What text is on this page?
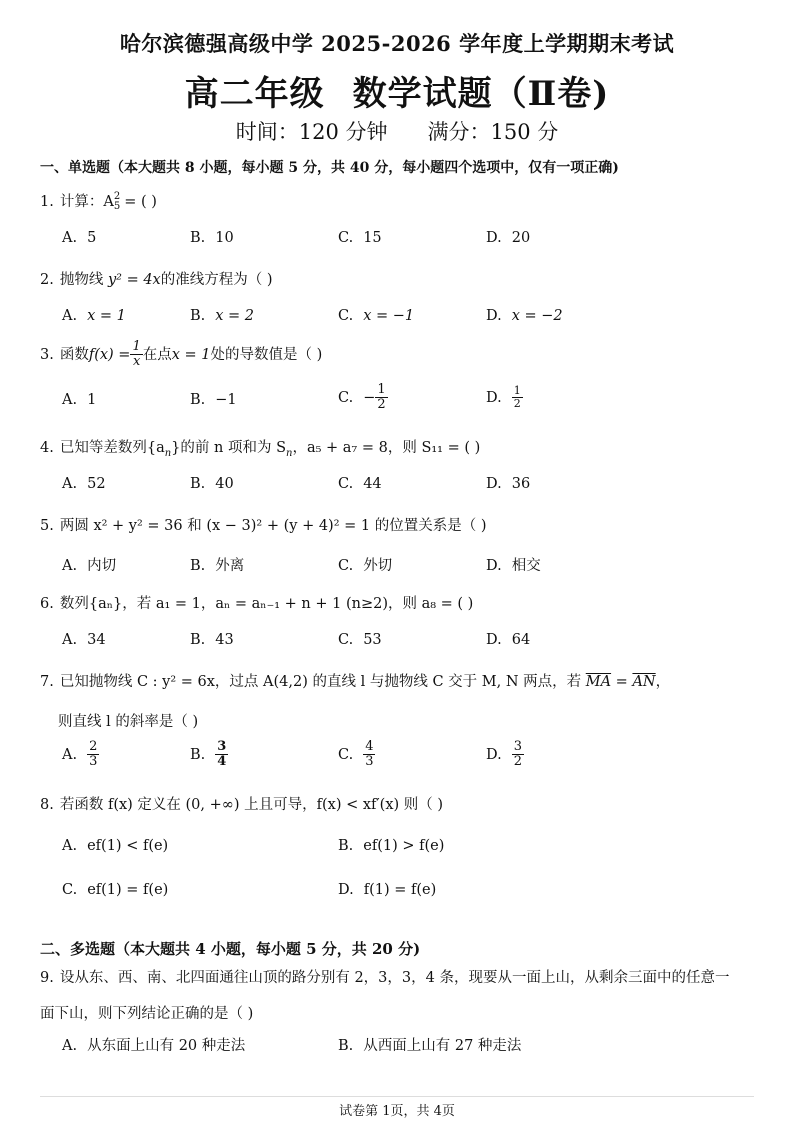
哈尔滨德强高级中学 2025-2026 学年度上学期期末考试
高二年级 数学试题（Ⅱ卷)
时间：120 分钟 满分：150 分
一、单选题（本大题共 8 小题，每小题 5 分，共 40 分，每小题四个选项中，仅有一项正确)
1. 计算：A 2
5 = ( )
A. 5	B. 10	C. 15	D. 20
2. 抛物线 y² = 4x的准线方程为（ )
A. x = 1	B. x = 2	C. x = −1	D. x = −2
3. 函数$f(x) = \frac{1}{x}$ 在点x = 1处的导数值是（ )
A. 1	B. −1	C. − $\frac{1}{2}$	D. $\frac{1}{2}$
4. 已知等差数列$\{a_n\}$的前 n 项和为 $S_n$，a₅ + a₇ = 8，则 S₁₁ = ( )
A. 52	B. 40	C. 44	D. 36
5. 两圆 x² + y² = 36 和 (x − 3)² + (y + 4)² = 1 的位置关系是（ )
A. 内切	B. 外离	C. 外切	D. 相交
6. 数列{aₙ}，若 a₁ = 1，aₙ = aₙ₋₁ + n + 1 (n≥2)，则 a₈ = ( )
A. 34	B. 43	C. 53	D. 64
7. 已知抛物线 C : y² = 6x，过点 A(4,2) 的直线 l 与抛物线 C 交于 M, N 两点，若 $\overline{MA} = \overline{AN}$，
则直线 l 的斜率是（ )
A. $\frac{2}{3}$	B. $\frac{3}{4}$	C. $\frac{4}{3}$	D. $\frac{3}{2}$
8. 若函数 f(x) 定义在 (0, +∞) 上且可导，f(x) < xf′(x) 则（ )
A. ef(1) < f(e)	B. ef(1) > f(e)
C. ef(1) = f(e)	D. f(1) = f(e)
二、多选题（本大题共 4 小题，每小题 5 分，共 20 分)
9. 设从东、西、南、北四面通往山顶的路分别有 2，3，3，4 条，现要从一面上山，从剩余三面中的任意一
面下山，则下列结论正确的是（ )
A. 从东面上山有 20 种走法	B. 从西面上山有 27 种走法
试卷第 1页，共 4页
